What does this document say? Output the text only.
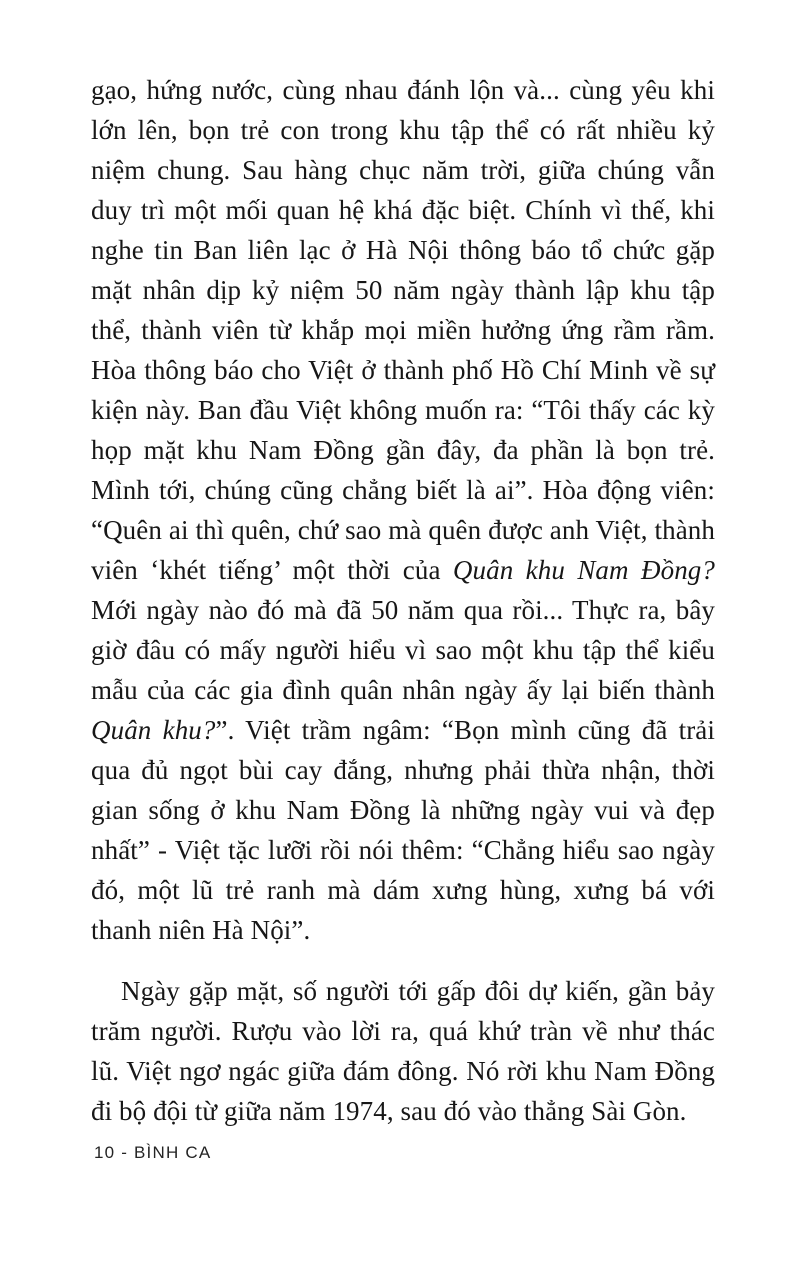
gạo, hứng nước, cùng nhau đánh lộn và... cùng yêu khi lớn lên, bọn trẻ con trong khu tập thể có rất nhiều kỷ niệm chung. Sau hàng chục năm trời, giữa chúng vẫn duy trì một mối quan hệ khá đặc biệt. Chính vì thế, khi nghe tin Ban liên lạc ở Hà Nội thông báo tổ chức gặp mặt nhân dịp kỷ niệm 50 năm ngày thành lập khu tập thể, thành viên từ khắp mọi miền hưởng ứng rầm rầm. Hòa thông báo cho Việt ở thành phố Hồ Chí Minh về sự kiện này. Ban đầu Việt không muốn ra: “Tôi thấy các kỳ họp mặt khu Nam Đồng gần đây, đa phần là bọn trẻ. Mình tới, chúng cũng chẳng biết là ai”. Hòa động viên: “Quên ai thì quên, chứ sao mà quên được anh Việt, thành viên ‘khét tiếng’ một thời của Quân khu Nam Đồng? Mới ngày nào đó mà đã 50 năm qua rồi... Thực ra, bây giờ đâu có mấy người hiểu vì sao một khu tập thể kiểu mẫu của các gia đình quân nhân ngày ấy lại biến thành Quân khu?”. Việt trầm ngâm: “Bọn mình cũng đã trải qua đủ ngọt bùi cay đắng, nhưng phải thừa nhận, thời gian sống ở khu Nam Đồng là những ngày vui và đẹp nhất” - Việt tặc lưỡi rồi nói thêm: “Chẳng hiểu sao ngày đó, một lũ trẻ ranh mà dám xưng hùng, xưng bá với thanh niên Hà Nội”.

Ngày gặp mặt, số người tới gấp đôi dự kiến, gần bảy trăm người. Rượu vào lời ra, quá khứ tràn về như thác lũ. Việt ngơ ngác giữa đám đông. Nó rời khu Nam Đồng đi bộ đội từ giữa năm 1974, sau đó vào thẳng Sài Gòn.

10 - BÌNH CA
